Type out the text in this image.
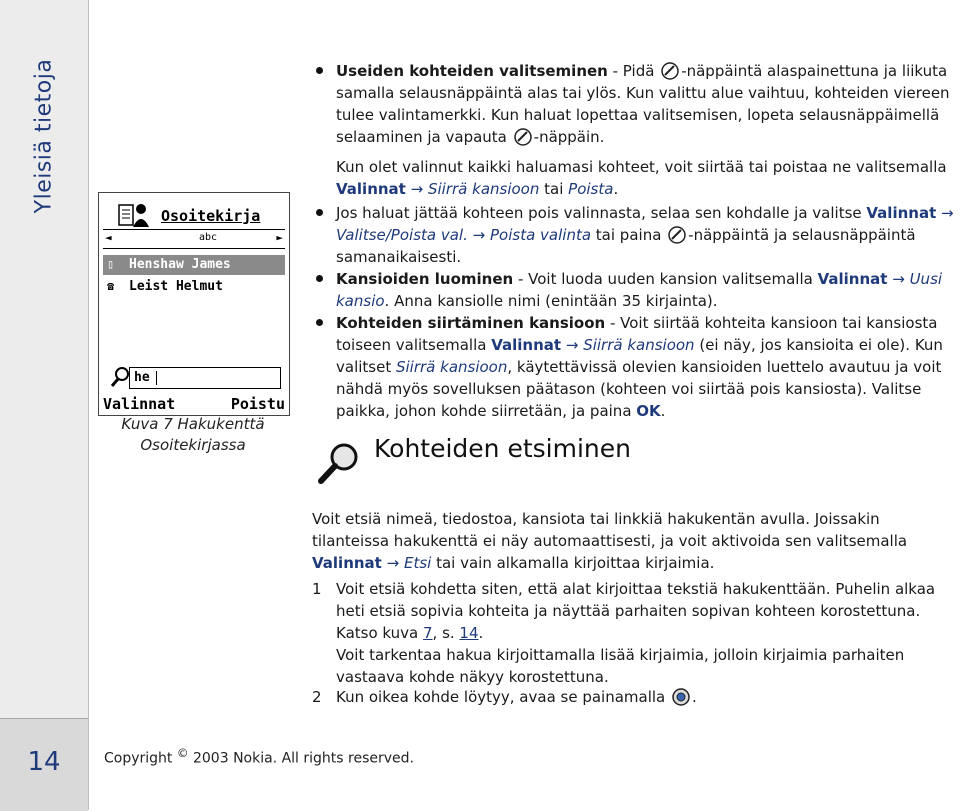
Yleisiä tietoja
14	Copyright © 2003 Nokia. All rights reserved.
Osoitekirja
◄	abc	►
▯ Henshaw James
☎ Leist Helmut
he
Valinnat	Poistu
Kuva 7 Hakukenttä
Osoitekirjassa
Useiden kohteiden valitseminen - Pidä -näppäintä alaspainettuna ja liikuta samalla selausnäppäintä alas tai ylös. Kun valittu alue vaihtuu, kohteiden viereen tulee valintamerkki. Kun haluat lopettaa valitsemisen, lopeta selausnäppäimellä selaaminen ja vapauta -näppäin.
Kun olet valinnut kaikki haluamasi kohteet, voit siirtää tai poistaa ne valitsemalla Valinnat → Siirrä kansioon tai Poista.
Jos haluat jättää kohteen pois valinnasta, selaa sen kohdalle ja valitse Valinnat → Valitse/Poista val. → Poista valinta tai paina -näppäintä ja selausnäppäintä samanaikaisesti.
Kansioiden luominen - Voit luoda uuden kansion valitsemalla Valinnat → Uusi kansio. Anna kansiolle nimi (enintään 35 kirjainta).
Kohteiden siirtäminen kansioon - Voit siirtää kohteita kansioon tai kansiosta toiseen valitsemalla Valinnat → Siirrä kansioon (ei näy, jos kansioita ei ole). Kun valitset Siirrä kansioon, käytettävissä olevien kansioiden luettelo avautuu ja voit nähdä myös sovelluksen päätason (kohteen voi siirtää pois kansiosta). Valitse paikka, johon kohde siirretään, ja paina OK.
Kohteiden etsiminen
Voit etsiä nimeä, tiedostoa, kansiota tai linkkiä hakukentän avulla. Joissakin tilanteissa hakukenttä ei näy automaattisesti, ja voit aktivoida sen valitsemalla Valinnat → Etsi tai vain alkamalla kirjoittaa kirjaimia.
1 Voit etsiä kohdetta siten, että alat kirjoittaa tekstiä hakukenttään. Puhelin alkaa heti etsiä sopivia kohteita ja näyttää parhaiten sopivan kohteen korostettuna. Katso kuva 7, s. 14.
Voit tarkentaa hakua kirjoittamalla lisää kirjaimia, jolloin kirjaimia parhaiten vastaava kohde näkyy korostettuna.
2 Kun oikea kohde löytyy, avaa se painamalla .
